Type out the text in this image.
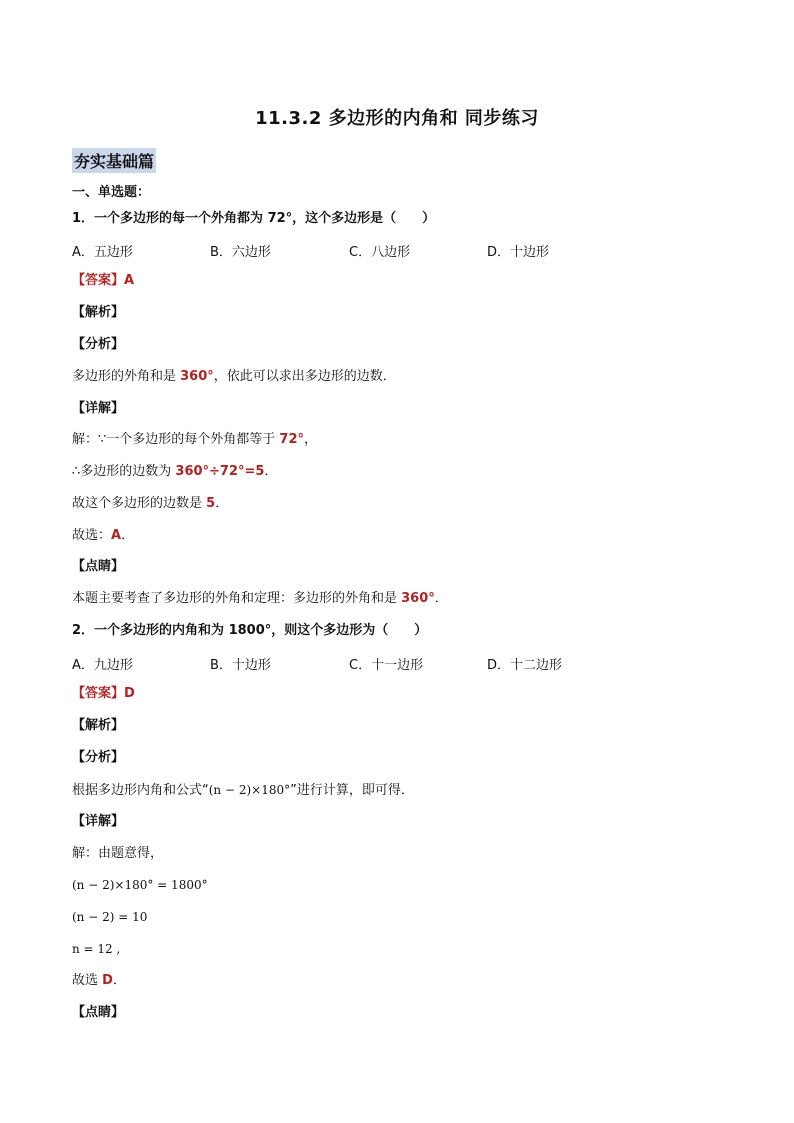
11.3.2 多边形的内角和 同步练习
夯实基础篇
一、单选题：
1．一个多边形的每一个外角都为 72°，这个多边形是（　　）
A．五边形	B．六边形	C．八边形	D．十边形
【答案】A
【解析】
【分析】
多边形的外角和是 360°，依此可以求出多边形的边数．
【详解】
解：∵一个多边形的每个外角都等于 72°，
∴多边形的边数为 360°÷72°=5．
故这个多边形的边数是 5．
故选：A．
【点睛】
本题主要考查了多边形的外角和定理：多边形的外角和是 360°．
2．一个多边形的内角和为 1800°，则这个多边形为（　　）
A．九边形	B．十边形	C．十一边形	D．十二边形
【答案】D
【解析】
【分析】
根据多边形内角和公式“(n − 2)×180°”进行计算，即可得．
【详解】
解：由题意得，
(n − 2)×180° = 1800°
(n − 2) = 10
n = 12 ,
故选 D．
【点睛】
